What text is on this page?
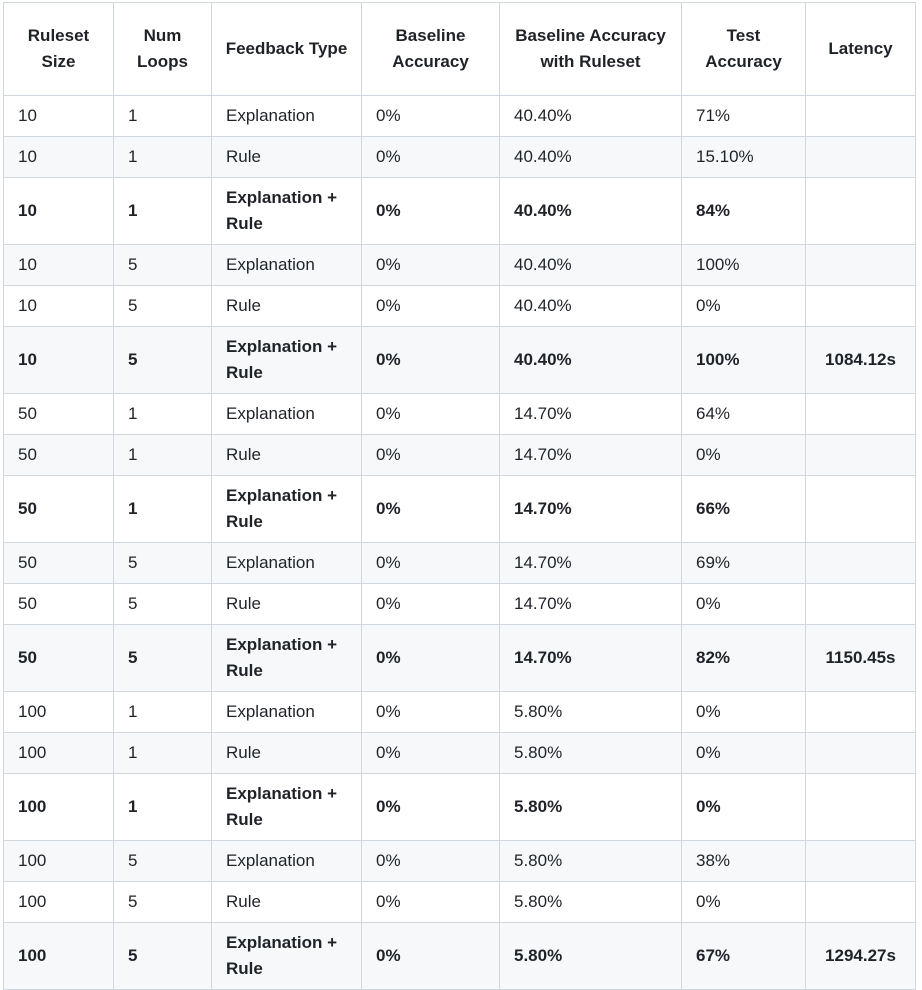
Ruleset Size	Num Loops	Feedback Type	Baseline Accuracy	Baseline Accuracy with Ruleset	Test Accuracy	Latency
10	1	Explanation	0%	40.40%	71%	
10	1	Rule	0%	40.40%	15.10%	
10	1	Explanation + Rule	0%	40.40%	84%	
10	5	Explanation	0%	40.40%	100%	
10	5	Rule	0%	40.40%	0%	
10	5	Explanation + Rule	0%	40.40%	100%	1084.12s
50	1	Explanation	0%	14.70%	64%	
50	1	Rule	0%	14.70%	0%	
50	1	Explanation + Rule	0%	14.70%	66%	
50	5	Explanation	0%	14.70%	69%	
50	5	Rule	0%	14.70%	0%	
50	5	Explanation + Rule	0%	14.70%	82%	1150.45s
100	1	Explanation	0%	5.80%	0%	
100	1	Rule	0%	5.80%	0%	
100	1	Explanation + Rule	0%	5.80%	0%	
100	5	Explanation	0%	5.80%	38%	
100	5	Rule	0%	5.80%	0%	
100	5	Explanation + Rule	0%	5.80%	67%	1294.27s
